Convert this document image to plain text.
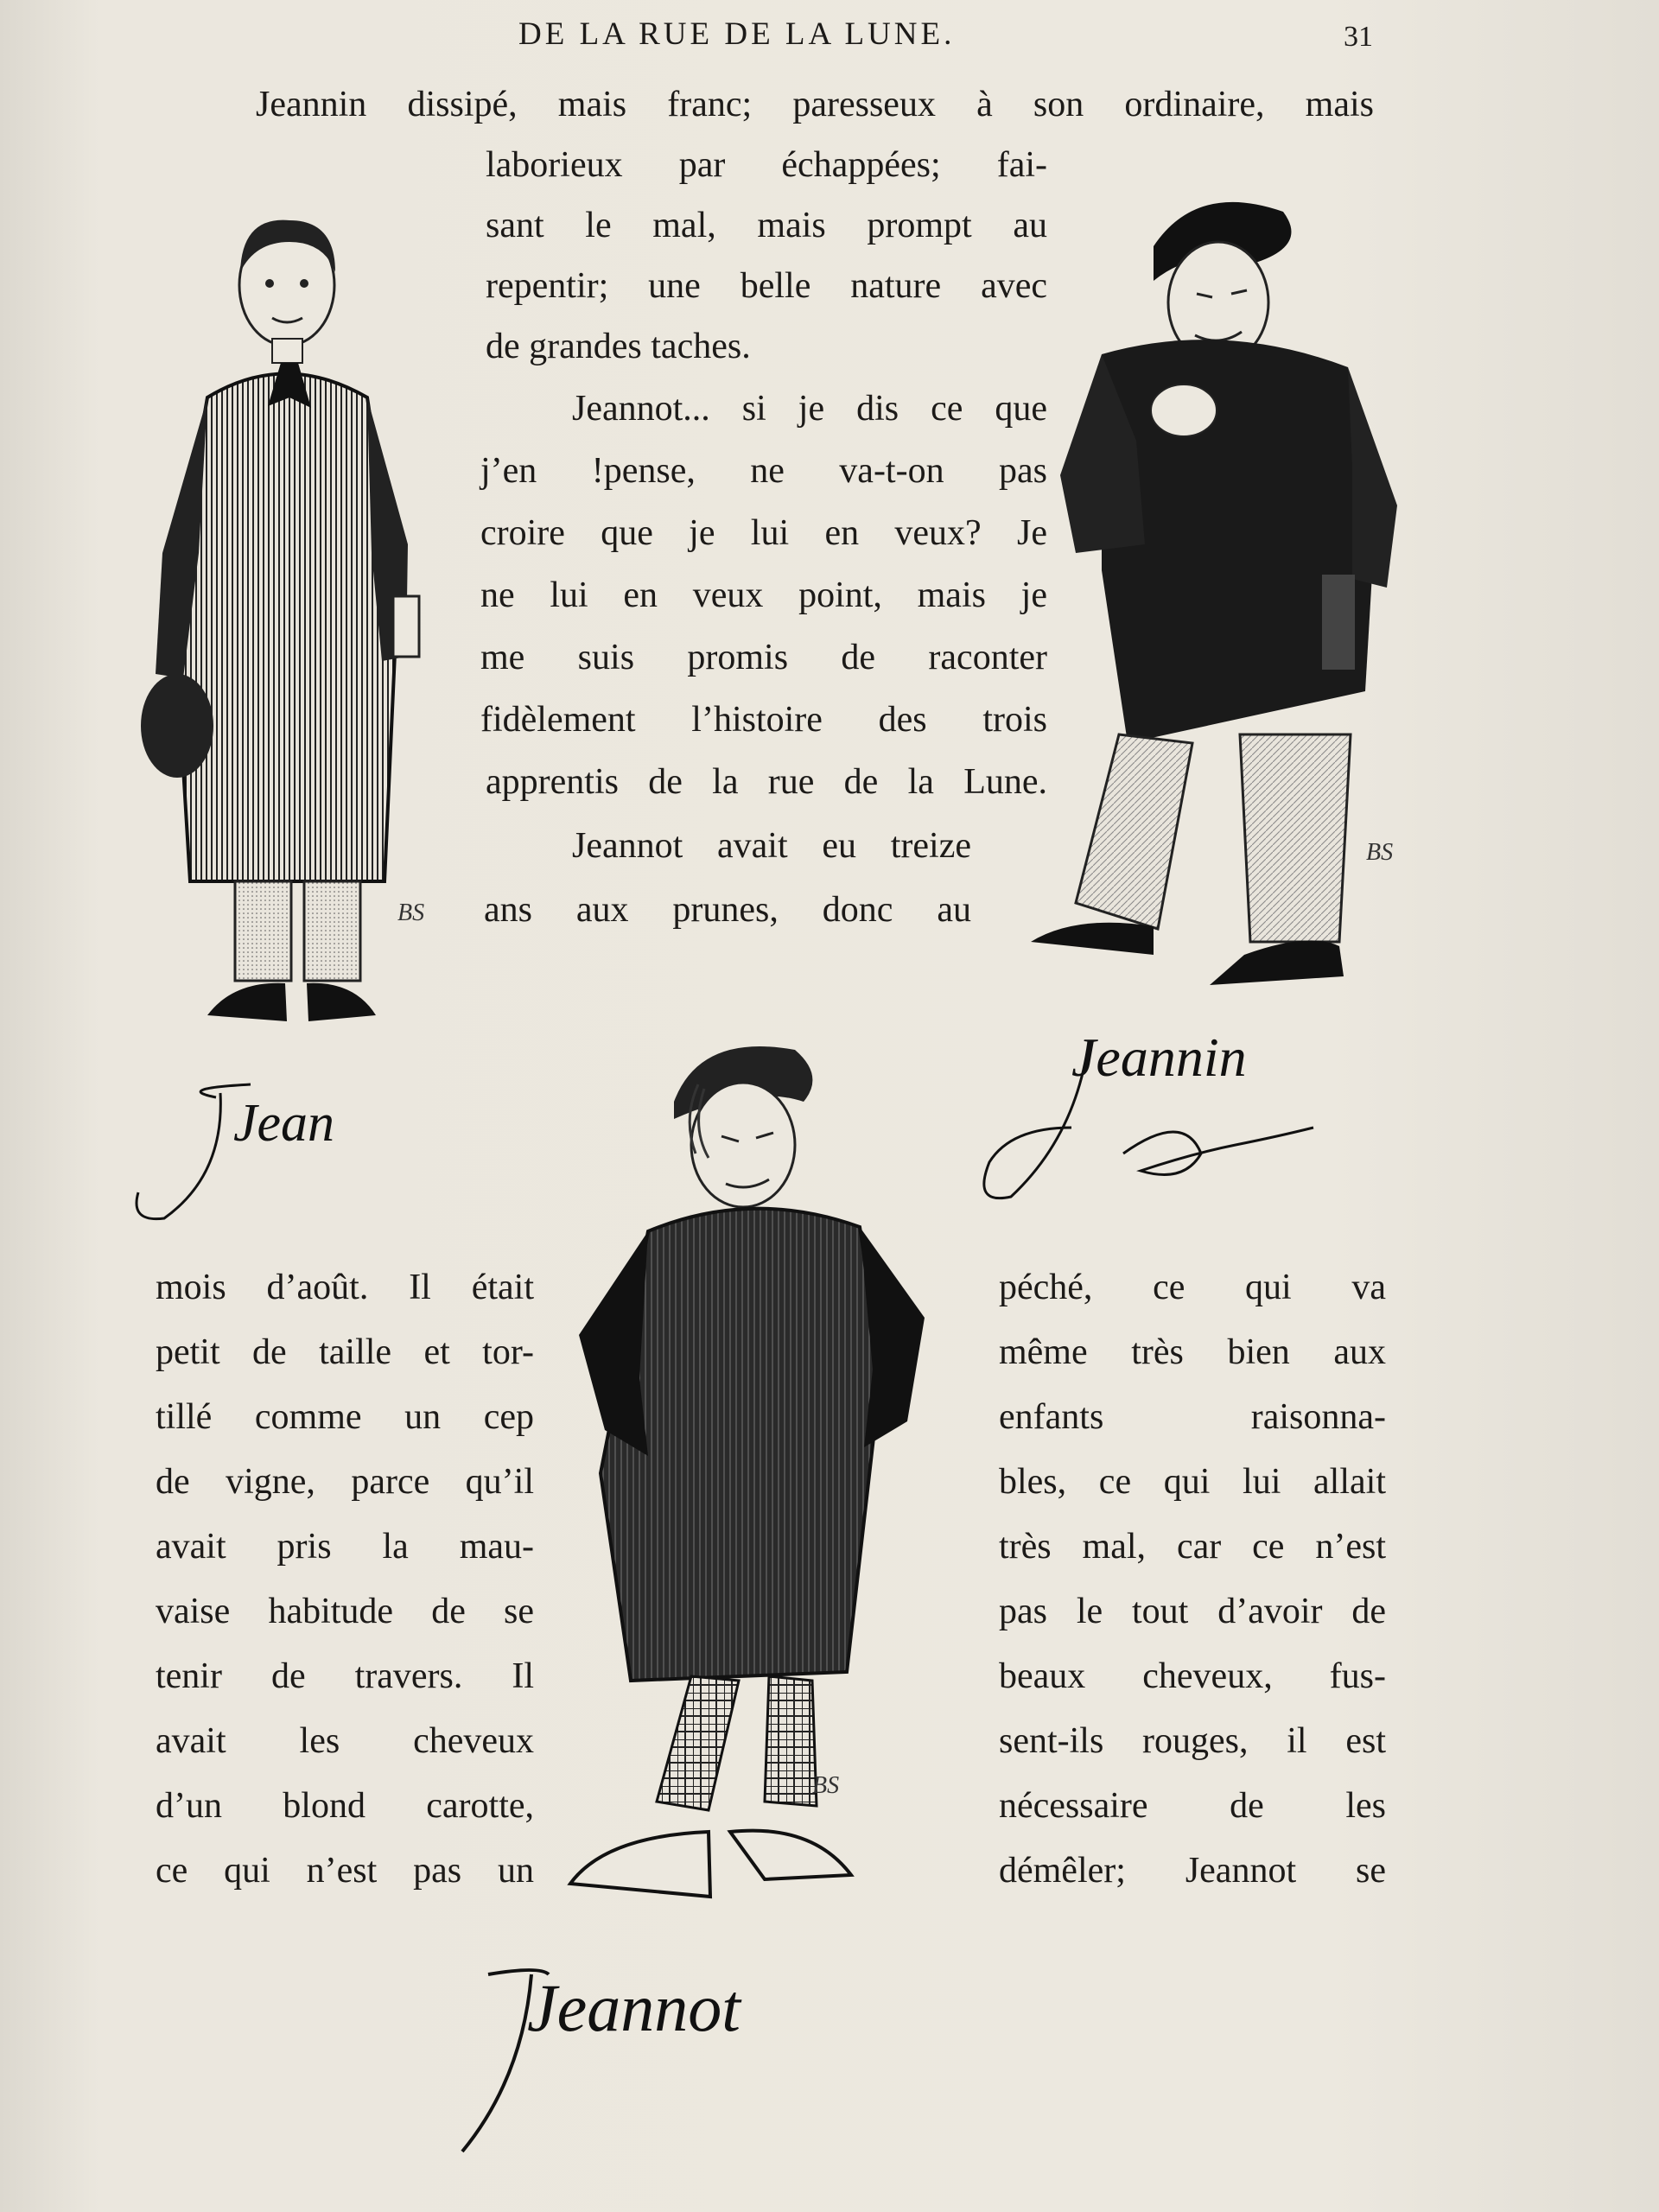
DE LA RUE DE LA LUNE.	31
Jeannin dissipé, mais franc; paresseux à son ordinaire, mais
laborieux par échappées; fai-
sant le mal, mais prompt au
repentir; une belle nature avec
de grandes taches.
Jeannot... si je dis ce que
j’en !pense, ne va-t-on pas
croire que je lui en veux? Je
ne lui en veux point, mais je
me suis promis de raconter
fidèlement l’histoire des trois
apprentis de la rue de la Lune.
Jeannot avait eu treize
ans aux prunes, donc au
mois d’août. Il était
petit de taille et tor-
tillé comme un cep
de vigne, parce qu’il
avait pris la mau-
vaise habitude de se
tenir de travers. Il
avait les cheveux
d’un blond carotte,
ce qui n’est pas un
péché, ce qui va
même très bien aux
enfants raisonna-
bles, ce qui lui allait
très mal, car ce n’est
pas le tout d’avoir de
beaux cheveux, fus-
sent-ils rouges, il est
nécessaire de les
démêler; Jeannot se
BS
BS
BS
Jean
Jeannin
Jeannot
